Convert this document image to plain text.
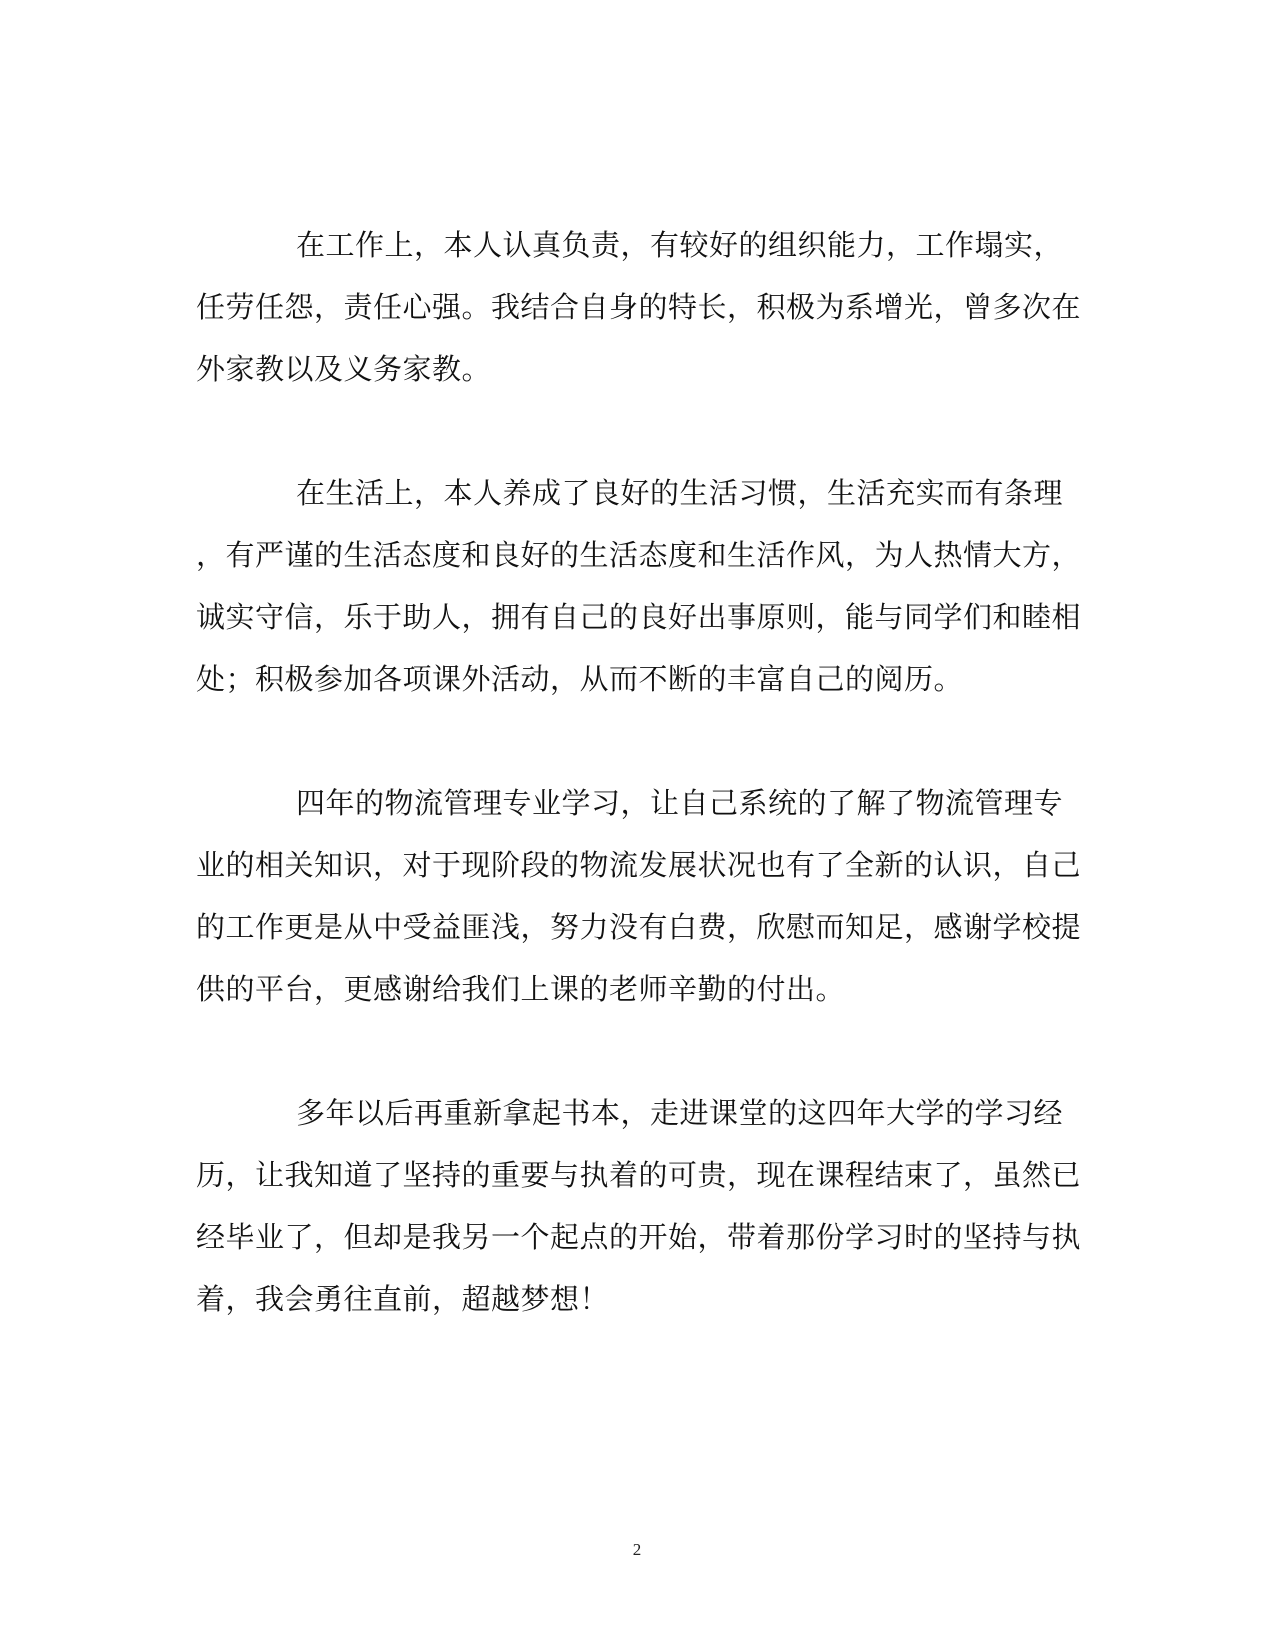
在工作上，本人认真负责，有较好的组织能力，工作塌实，
任劳任怨，责任心强。我结合自身的特长，积极为系增光，曾多次在
外家教以及义务家教。
在生活上，本人养成了良好的生活习惯，生活充实而有条理
，有严谨的生活态度和良好的生活态度和生活作风，为人热情大方，
诚实守信，乐于助人，拥有自己的良好出事原则，能与同学们和睦相
处；积极参加各项课外活动，从而不断的丰富自己的阅历。
四年的物流管理专业学习，让自己系统的了解了物流管理专
业的相关知识，对于现阶段的物流发展状况也有了全新的认识，自己
的工作更是从中受益匪浅，努力没有白费，欣慰而知足，感谢学校提
供的平台，更感谢给我们上课的老师辛勤的付出。
多年以后再重新拿起书本，走进课堂的这四年大学的学习经
历，让我知道了坚持的重要与执着的可贵，现在课程结束了，虽然已
经毕业了，但却是我另一个起点的开始，带着那份学习时的坚持与执
着，我会勇往直前，超越梦想！
2
